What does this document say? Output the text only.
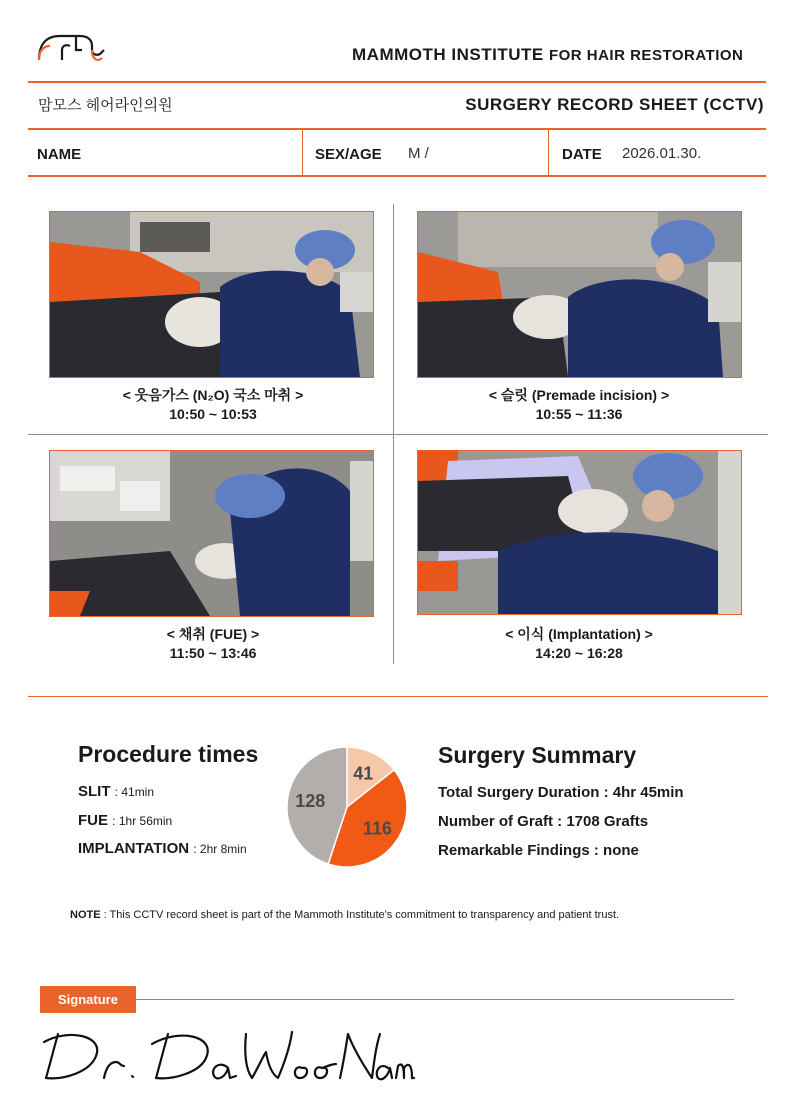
MAMMOTH INSTITUTE FOR HAIR RESTORATION
맘모스 헤어라인의원	SURGERY RECORD SHEET (CCTV)
NAME	SEX/AGE M /	DATE 2026.01.30.
< 웃음가스 (N₂O) 국소 마취 >
10:50 ~ 10:53
< 슬릿 (Premade incision) >
10:55 ~ 11:36
< 채취 (FUE) >
11:50 ~ 13:46
< 이식 (Implantation) >
14:20 ~ 16:28
Procedure times
SLIT : 41min
FUE : 1hr 56min
IMPLANTATION : 2hr 8min
41
116
128
Surgery Summary
Total Surgery Duration : 4hr 45min
Number of Graft : 1708 Grafts
Remarkable Findings : none
NOTE : This CCTV record sheet is part of the Mammoth Institute's commitment to transparency and patient trust.
Signature
